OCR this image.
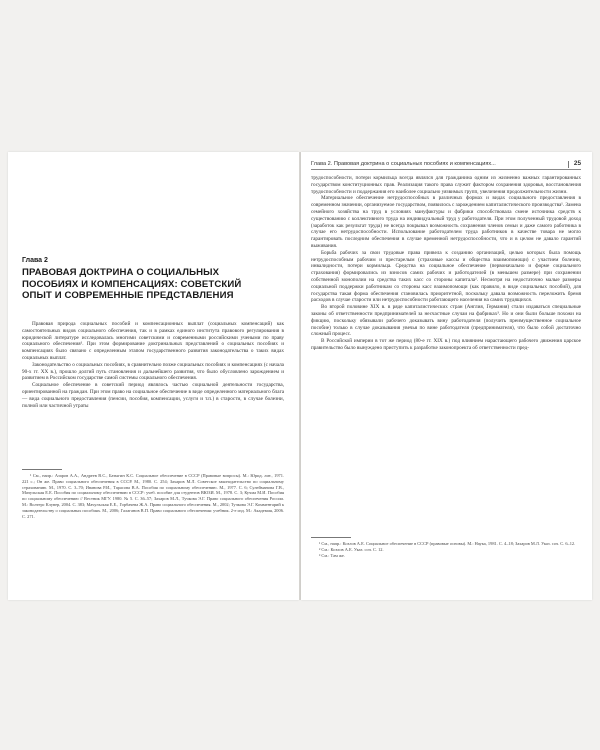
Глава 2
ПРАВОВАЯ ДОКТРИНА О СОЦИАЛЬНЫХ ПОСОБИЯХ И КОМПЕНСАЦИЯХ: СОВЕТСКИЙ ОПЫТ И СОВРЕМЕННЫЕ ПРЕДСТАВЛЕНИЯ

Правовая природа социальных пособий и компенсационных выплат (социальных компенсаций) как самостоятельных видов социального обеспечения, так и в рамках единого института правового регулирования в юридической литературе исследовалась многими советскими и современными российскими учеными по праву социального обеспечения¹. При этом формирование доктринальных представлений о социальных пособиях и компенсациях было связано с определенным этапом государственного развития законодательства о таких видах социальных выплат.

Законодательство о социальных пособиях, в сравнительно позже социальных пособиях и компенсациях (с начала 90-х гг. XX в.), прошло долгий путь становления и дальнейшего развития, что было обусловлено зарождением и развитием в Российском государстве самой системы социального обеспечения.

Социальное обеспечение в советский период являлось частью социальной деятельности государства, ориентированной на граждан. При этом право на социальное обеспечение в виде определенного материального блага — вида социального предоставления (пенсии, пособия, компенсации, услуги и т.п.) в старости, в случае болезни, полной или частичной утраты

¹ См., напр.: Азаров А.А., Андреев В.С., Батыгин К.С. Социальное обеспечение в СССР (Правовые вопросы). М.: Юрид. лит., 1971. 221 с.; Он же. Право социального обеспечения в СССР. М., 1980. С. 254; Захаров М.Л. Советское законодательство по социальному страхованию. М., 1970. С. 3–70; Иванова Р.И., Тарасова В.А. Пособия по социальному обеспечению. М., 1977. С. 6; Сулейманова Г.В., Мачульская Е.Е. Пособия по социальному обеспечению в СССР: учеб. пособие для студентов ВЮЗИ. М., 1978. С. 3; Кучма М.И. Пособия по социальному обеспечению // Вестник МГУ. 1980. № 5. С. 36–57; Захаров М.Л., Тучкова Э.Г. Право социального обеспечения России. М.: Волтерс Клувер, 2004. С. 383; Мачульская Е.Е., Горбачева Ж.А. Право социального обеспечения. М., 2002; Тучкова Э.Г. Комментарий к законодательству о социальных пособиях. М., 2006; Галаганов В.П. Право социального обеспечения: учебник. 2-е изд. М.: Академия, 2006. С. 271.

Глава 2. Правовая доктрина о социальных пособиях и компенсациях...	25

трудоспособности, потери кормильца всегда являлся для гражданина одним из жизненно важных гарантированных государством конституционных прав. Реализация такого права служит фактором сохранения здоровья, восстановления трудоспособности и поддержания его наиболее социально уязвимых групп, увеличения продолжительности жизни.

Материальное обеспечение нетрудоспособных в различных формах и видах социального предоставления в современном значении, организуемое государством, появилось с зарождением капиталистического производства¹. Замена семейного хозяйства на труд в условиях мануфактуры и фабрики способствовала смене источника средств к существованию с коллективного труда на индивидуальный труд у работодателя. При этом полученный трудовой доход (заработок как результат труда) не всегда покрывал возможность сохранения членов семьи и даже самого работника в случае его нетрудоспособности. Использование работодателем труда работников в качестве товара не могло гарантировать последним обеспечения в случае временной нетрудоспособности, что и в целом не давало гарантий выживания.

Борьба рабочих за свои трудовые права привела к созданию организаций, целью которых была помощь нетрудоспособным рабочим и престарелым (страховые кассы и общества взаимопомощи) с участием болезни, инвалидности, потери кормильца. Средства на социальное обеспечение (первоначально и форме социального страхования) формировались из взносов самих рабочих и работодателей (в меньшем размере) при сохранении собственной монополии на средства таких касс со стороны капитала². Несмотря на недостаточно малые размеры социальной поддержки работникам со стороны касс взаимопомощи (как правило, в виде социальных пособий), для государства такая форма обеспечения становилась приоритетной, поскольку давала возможность переложить бремя расходов в случае старости или нетрудоспособности работающего населения на самих трудящихся.

Во второй половине XIX в. в ряде капиталистических стран (Англия, Германия) стали издаваться специальные законы об ответственности предпринимателей за несчастные случаи на фабриках³. Но и они были больше похожи на фикцию, поскольку обязывали рабочего доказывать вину работодателя (получить преимущественное социальное пособие) только в случае доказывания увечья по вине работодателя (предпринимателя), что было собой достаточно сложный процесс.

В Российской империи в тот же период (80-е гг. XIX в.) под влиянием нарастающего рабочего движения царское правительство было вынуждено приступить к разработке законопроекта об ответственности пред-

¹ См., напр.: Козлов А.Е. Социальное обеспечение в СССР (правовые основы). М.: Наука, 1981. С. 4–18; Захаров М.Л. Указ. соч. С. 6–12.

² См.: Козлов А.Е. Указ. соч. С. 12.

³ См.: Там же.
